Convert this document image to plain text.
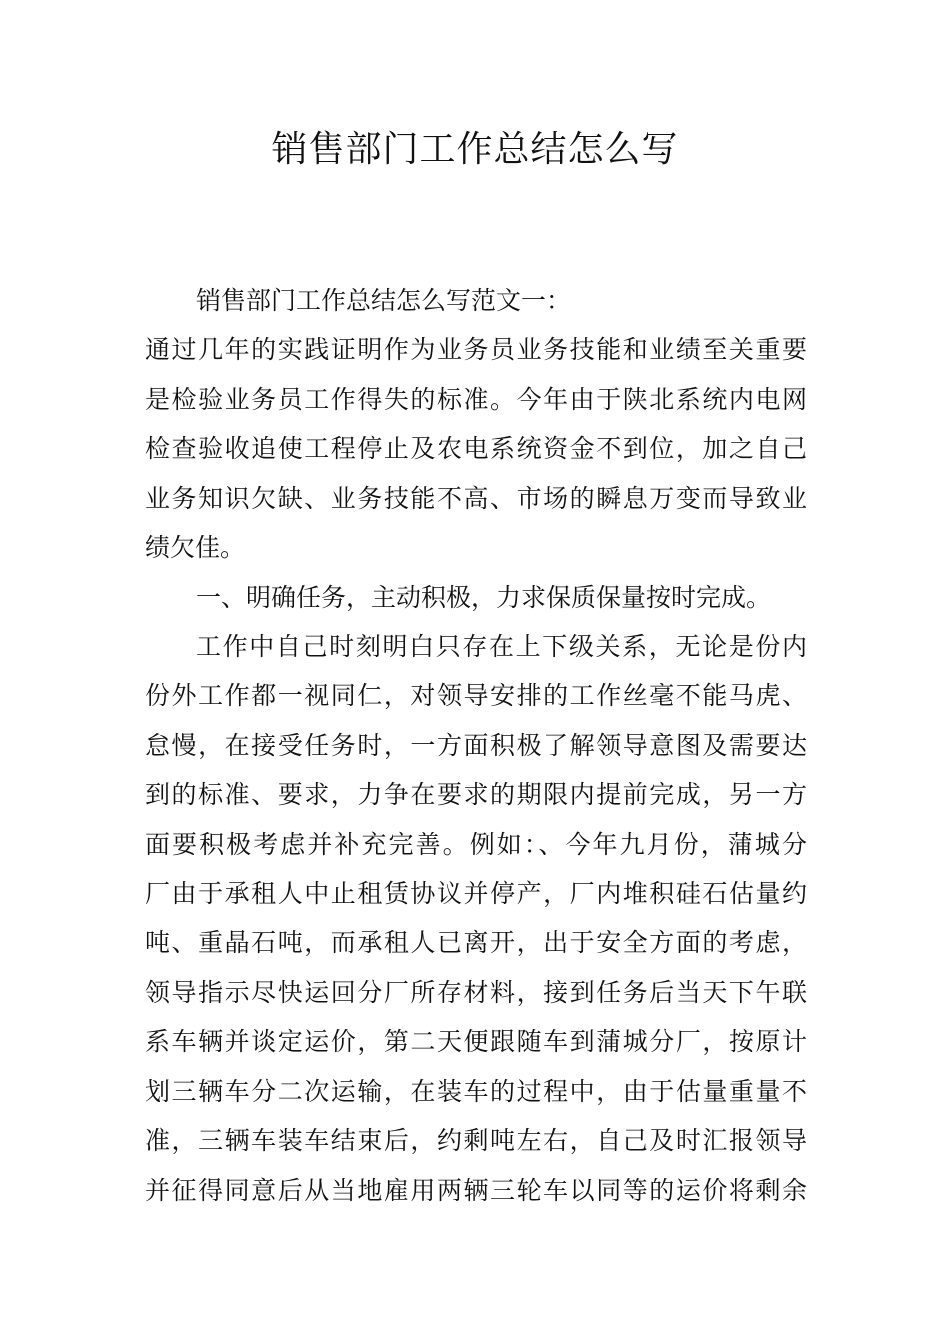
销售部门工作总结怎么写

销售部门工作总结怎么写范文一：

通过几年的实践证明作为业务员业务技能和业绩至关重要

是检验业务员工作得失的标准。今年由于陕北系统内电网

检查验收追使工程停止及农电系统资金不到位，加之自己

业务知识欠缺、业务技能不高、市场的瞬息万变而导致业

绩欠佳。

一、明确任务，主动积极，力求保质保量按时完成。

工作中自己时刻明白只存在上下级关系，无论是份内

份外工作都一视同仁，对领导安排的工作丝毫不能马虎、

怠慢，在接受任务时，一方面积极了解领导意图及需要达

到的标准、要求，力争在要求的期限内提前完成，另一方

面要积极考虑并补充完善。例如：、今年九月份，蒲城分

厂由于承租人中止租赁协议并停产，厂内堆积硅石估量约

吨、重晶石吨，而承租人已离开，出于安全方面的考虑，

领导指示尽快运回分厂所存材料，接到任务后当天下午联

系车辆并谈定运价，第二天便跟随车到蒲城分厂，按原计

划三辆车分二次运输，在装车的过程中，由于估量重量不

准，三辆车装车结束后，约剩吨左右，自己及时汇报领导

并征得同意后从当地雇用两辆三轮车以同等的运价将剩余
